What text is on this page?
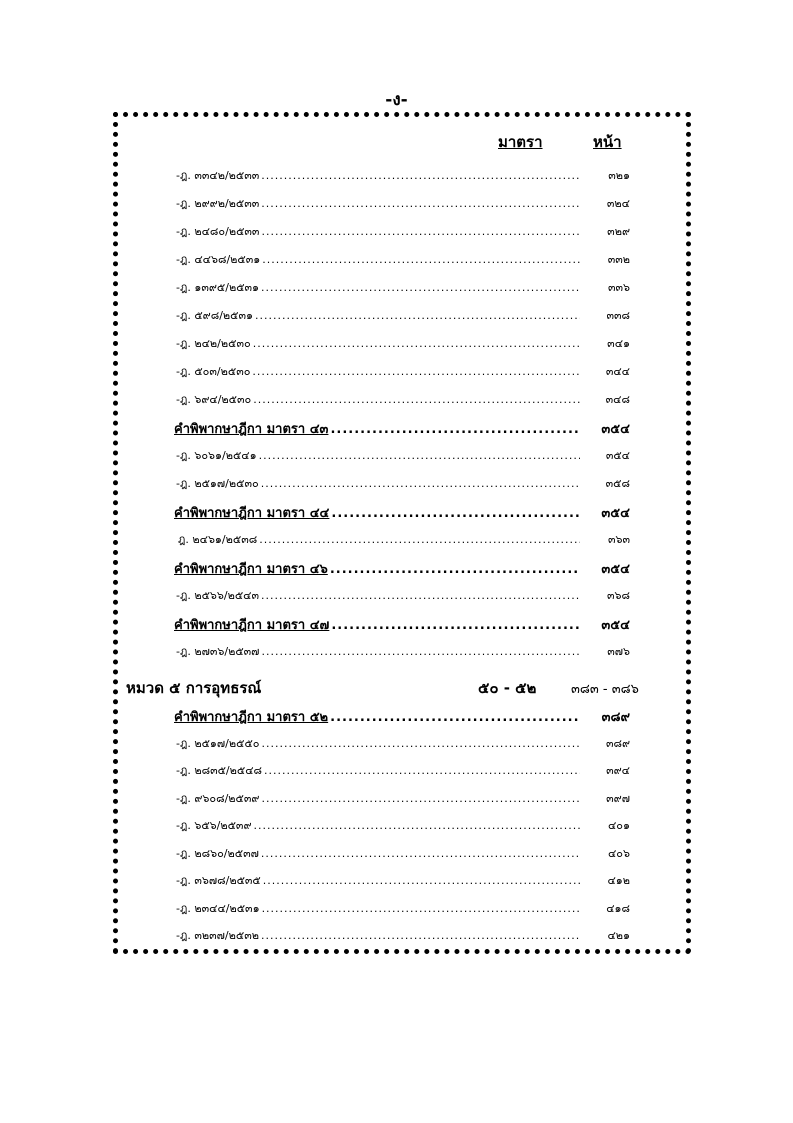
-ง-
มาตรา	หน้า
-ฎ. ๓๓๔๒/๒๕๓๓ .....	๓๒๑
-ฎ. ๒๙๙๒/๒๕๓๓ .....	๓๒๔
-ฎ. ๒๔๘๐/๒๕๓๓ .....	๓๒๙
-ฎ. ๔๔๖๘/๒๕๓๑ .....	๓๓๒
-ฎ. ๑๓๙๕/๒๕๓๑ .....	๓๓๖
-ฎ. ๕๙๘/๒๕๓๑ .....	๓๓๘
-ฎ. ๒๔๒/๒๕๓๐ .....	๓๔๑
-ฎ. ๕๐๓/๒๕๓๐ .....	๓๔๔
-ฎ. ๖๙๔/๒๕๓๐ .....	๓๔๘
คำพิพากษาฎีกา มาตรา ๔๓ .....	๓๕๔
-ฎ. ๖๐๖๑/๒๕๔๑ .....	๓๕๔
-ฎ. ๒๕๑๗/๒๕๓๐ .....	๓๕๘
คำพิพากษาฎีกา มาตรา ๔๔ .....	๓๕๔
ฎ. ๒๔๖๑/๒๕๓๘ .....	๓๖๓
คำพิพากษาฎีกา มาตรา ๔๖ .....	๓๕๔
-ฎ. ๒๕๖๖/๒๕๔๓ .....	๓๖๘
คำพิพากษาฎีกา มาตรา ๔๗ .....	๓๕๔
-ฎ. ๒๗๓๖/๒๕๓๗ .....	๓๗๖
หมวด ๕ การอุทธรณ์	๕๐ - ๕๒	๓๘๓ - ๓๘๖
คำพิพากษาฎีกา มาตรา ๕๒ .....	๓๘๙
-ฎ. ๒๕๑๗/๒๕๕๐ .....	๓๘๙
-ฎ. ๒๘๓๕/๒๕๔๘ .....	๓๙๔
-ฎ. ๙๖๐๘/๒๕๓๙ .....	๓๙๗
-ฎ. ๖๕๖/๒๕๓๙ .....	๔๐๑
-ฎ. ๒๘๖๐/๒๕๓๗ .....	๔๐๖
-ฎ. ๓๖๗๘/๒๕๓๕ .....	๔๑๒
-ฎ. ๒๓๔๔/๒๕๓๑ .....	๔๑๘
-ฎ. ๓๒๓๗/๒๕๓๒ .....	๔๒๑
